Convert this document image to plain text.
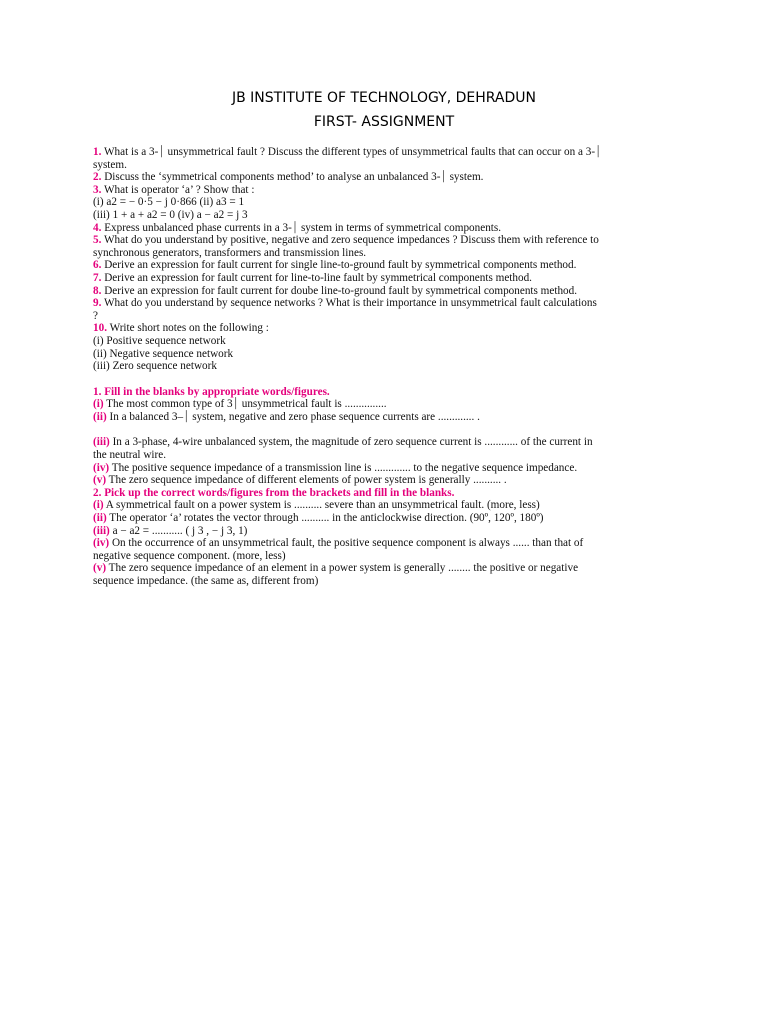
JB INSTITUTE OF TECHNOLOGY, DEHRADUN
FIRST- ASSIGNMENT

1. What is a 3-⏐ unsymmetrical fault ? Discuss the different types of unsymmetrical faults that can occur on a 3-⏐ system.

2. Discuss the ‘symmetrical components method’ to analyse an unbalanced 3-⏐ system.

3. What is operator ‘a’ ? Show that :

(i) a2 = − 0·5 − j 0·866 (ii) a3 = 1

(iii) 1 + a + a2 = 0 (iv) a − a2 = j 3

4. Express unbalanced phase currents in a 3-⏐ system in terms of symmetrical components.

5. What do you understand by positive, negative and zero sequence impedances ? Discuss them with reference to synchronous generators, transformers and transmission lines.

6. Derive an expression for fault current for single line-to-ground fault by symmetrical components method.

7. Derive an expression for fault current for line-to-line fault by symmetrical components method.

8. Derive an expression for fault current for doube line-to-ground fault by symmetrical components method.

9. What do you understand by sequence networks ? What is their importance in unsymmetrical fault calculations ?

10. Write short notes on the following :

(i) Positive sequence network

(ii) Negative sequence network

(iii) Zero sequence network

1. Fill in the blanks by appropriate words/figures.

(i) The most common type of 3⏐ unsymmetrical fault is ...............

(ii) In a balanced 3–⏐ system, negative and zero phase sequence currents are ............. .

(iii) In a 3-phase, 4-wire unbalanced system, the magnitude of zero sequence current is ............ of the current in the neutral wire.

(iv) The positive sequence impedance of a transmission line is ............. to the negative sequence impedance.

(v) The zero sequence impedance of different elements of power system is generally .......... .

2. Pick up the correct words/figures from the brackets and fill in the blanks.

(i) A symmetrical fault on a power system is .......... severe than an unsymmetrical fault. (more, less)

(ii) The operator ‘a’ rotates the vector through .......... in the anticlockwise direction. (90º, 120º, 180º)

(iii) a − a2 = ........... ( j 3 , − j 3, 1)

(iv) On the occurrence of an unsymmetrical fault, the positive sequence component is always ...... than that of negative sequence component. (more, less)

(v) The zero sequence impedance of an element in a power system is generally ........ the positive or negative sequence impedance. (the same as, different from)
